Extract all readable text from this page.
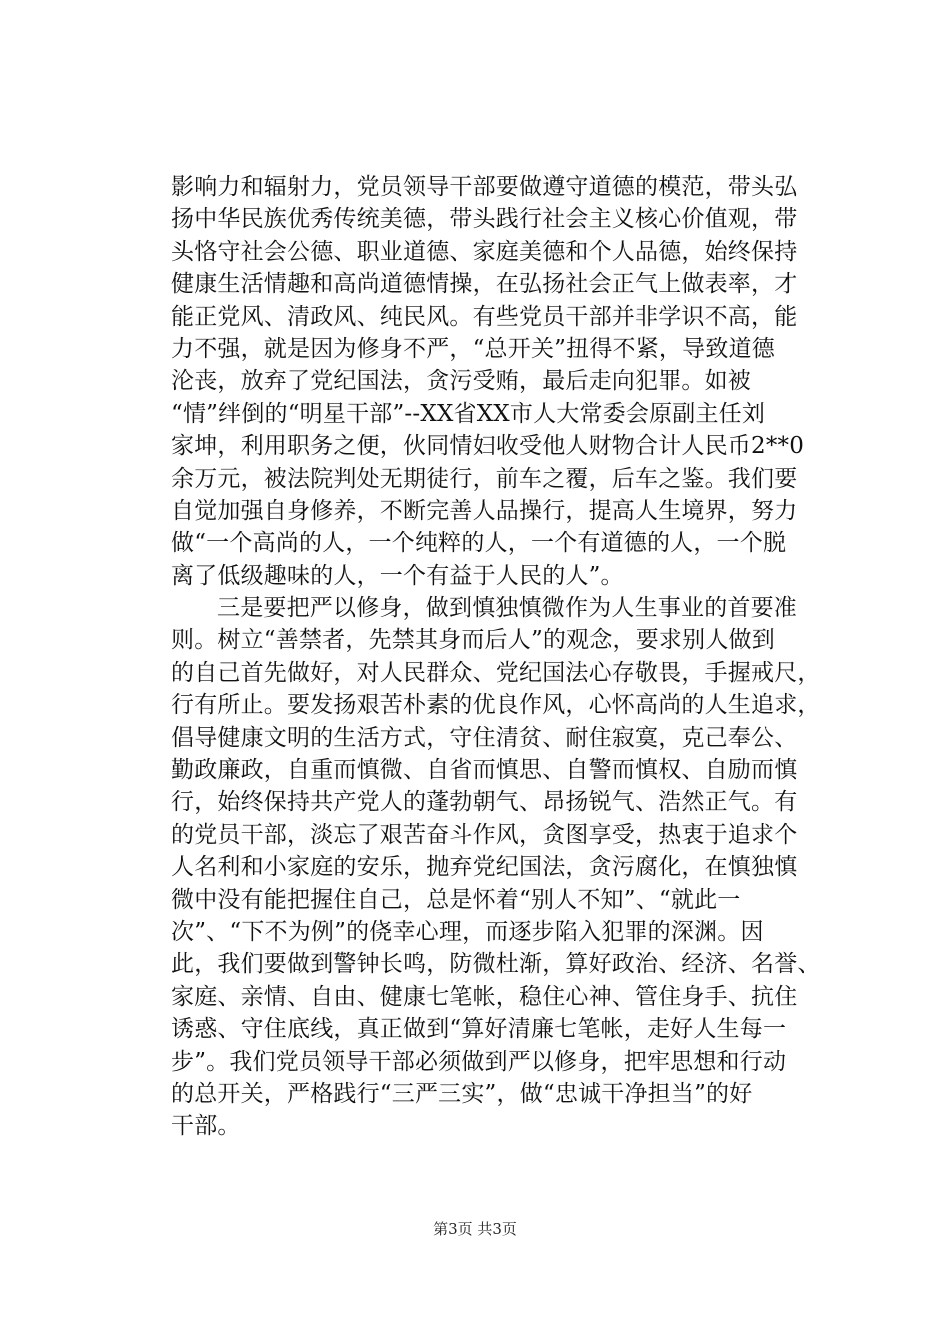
影响力和辐射力，党员领导干部要做遵守道德的模范，带头弘
扬中华民族优秀传统美德，带头践行社会主义核心价值观，带
头恪守社会公德、职业道德、家庭美德和个人品德，始终保持
健康生活情趣和高尚道德情操，在弘扬社会正气上做表率，才
能正党风、清政风、纯民风。有些党员干部并非学识不高，能
力不强，就是因为修身不严，“总开关”扭得不紧，导致道德
沦丧，放弃了党纪国法，贪污受贿，最后走向犯罪。如被
“情”绊倒的“明星干部”--XX省XX市人大常委会原副主任刘
家坤，利用职务之便，伙同情妇收受他人财物合计人民币2**0
余万元，被法院判处无期徒行，前车之覆，后车之鉴。我们要
自觉加强自身修养，不断完善人品操行，提高人生境界，努力
做“一个高尚的人，一个纯粹的人，一个有道德的人，一个脱
离了低级趣味的人，一个有益于人民的人”。
三是要把严以修身，做到慎独慎微作为人生事业的首要准
则。树立“善禁者，先禁其身而后人”的观念，要求别人做到
的自己首先做好，对人民群众、党纪国法心存敬畏，手握戒尺，
行有所止。要发扬艰苦朴素的优良作风，心怀高尚的人生追求，
倡导健康文明的生活方式，守住清贫、耐住寂寞，克己奉公、
勤政廉政，自重而慎微、自省而慎思、自警而慎权、自励而慎
行，始终保持共产党人的蓬勃朝气、昂扬锐气、浩然正气。有
的党员干部，淡忘了艰苦奋斗作风，贪图享受，热衷于追求个
人名利和小家庭的安乐，抛弃党纪国法，贪污腐化，在慎独慎
微中没有能把握住自己，总是怀着“别人不知”、“就此一
次”、“下不为例”的侥幸心理，而逐步陷入犯罪的深渊。因
此，我们要做到警钟长鸣，防微杜渐，算好政治、经济、名誉、
家庭、亲情、自由、健康七笔帐，稳住心神、管住身手、抗住
诱惑、守住底线，真正做到“算好清廉七笔帐，走好人生每一
步”。我们党员领导干部必须做到严以修身，把牢思想和行动
的总开关，严格践行“三严三实”，做“忠诚干净担当”的好
干部。
第3页 共3页
